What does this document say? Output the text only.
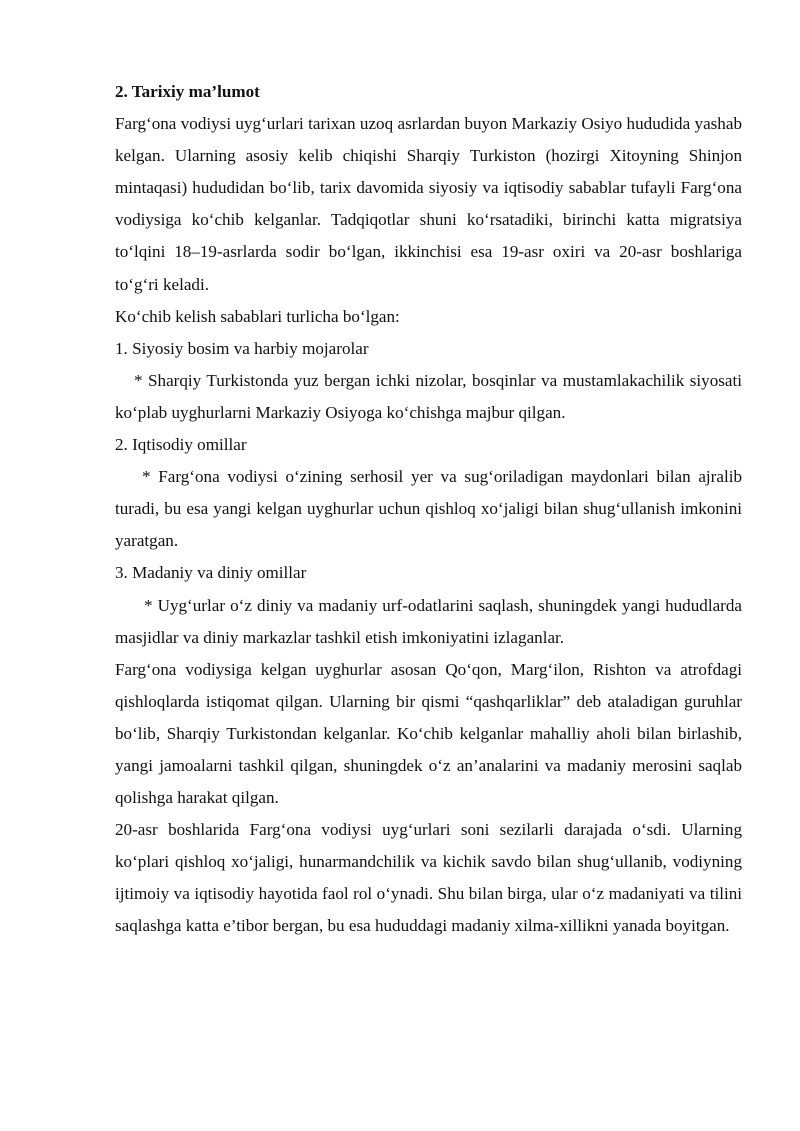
2. Tarixiy ma’lumot

Farg‘ona vodiysi uyg‘urlari tarixan uzoq asrlardan buyon Markaziy Osiyo hududida yashab kelgan. Ularning asosiy kelib chiqishi Sharqiy Turkiston (hozirgi Xitoyning Shinjon mintaqasi) hududidan bo‘lib, tarix davomida siyosiy va iqtisodiy sabablar tufayli Farg‘ona vodiysiga ko‘chib kelganlar. Tadqiqotlar shuni ko‘rsatadiki, birinchi katta migratsiya to‘lqini 18–19-asrlarda sodir bo‘lgan, ikkinchisi esa 19-asr oxiri va 20-asr boshlariga to‘g‘ri keladi.

Ko‘chib kelish sabablari turlicha bo‘lgan:

1. Siyosiy bosim va harbiy mojarolar

* Sharqiy Turkistonda yuz bergan ichki nizolar, bosqinlar va mustamlakachilik siyosati ko‘plab uyghurlarni Markaziy Osiyoga ko‘chishga majbur qilgan.

2. Iqtisodiy omillar

* Farg‘ona vodiysi o‘zining serhosil yer va sug‘oriladigan maydonlari bilan ajralib turadi, bu esa yangi kelgan uyghurlar uchun qishloq xo‘jaligi bilan shug‘ullanish imkonini yaratgan.

3. Madaniy va diniy omillar

* Uyg‘urlar o‘z diniy va madaniy urf-odatlarini saqlash, shuningdek yangi hududlarda masjidlar va diniy markazlar tashkil etish imkoniyatini izlaganlar.

Farg‘ona vodiysiga kelgan uyghurlar asosan Qo‘qon, Marg‘ilon, Rishton va atrofdagi qishloqlarda istiqomat qilgan. Ularning bir qismi “qashqarliklar” deb ataladigan guruhlar bo‘lib, Sharqiy Turkistondan kelganlar. Ko‘chib kelganlar mahalliy aholi bilan birlashib, yangi jamoalarni tashkil qilgan, shuningdek o‘z an’analarini va madaniy merosini saqlab qolishga harakat qilgan.

20-asr boshlarida Farg‘ona vodiysi uyg‘urlari soni sezilarli darajada o‘sdi. Ularning ko‘plari qishloq xo‘jaligi, hunarmandchilik va kichik savdo bilan shug‘ullanib, vodiyning ijtimoiy va iqtisodiy hayotida faol rol o‘ynadi. Shu bilan birga, ular o‘z madaniyati va tilini saqlashga katta e’tibor bergan, bu esa hududdagi madaniy xilma-xillikni yanada boyitgan.
